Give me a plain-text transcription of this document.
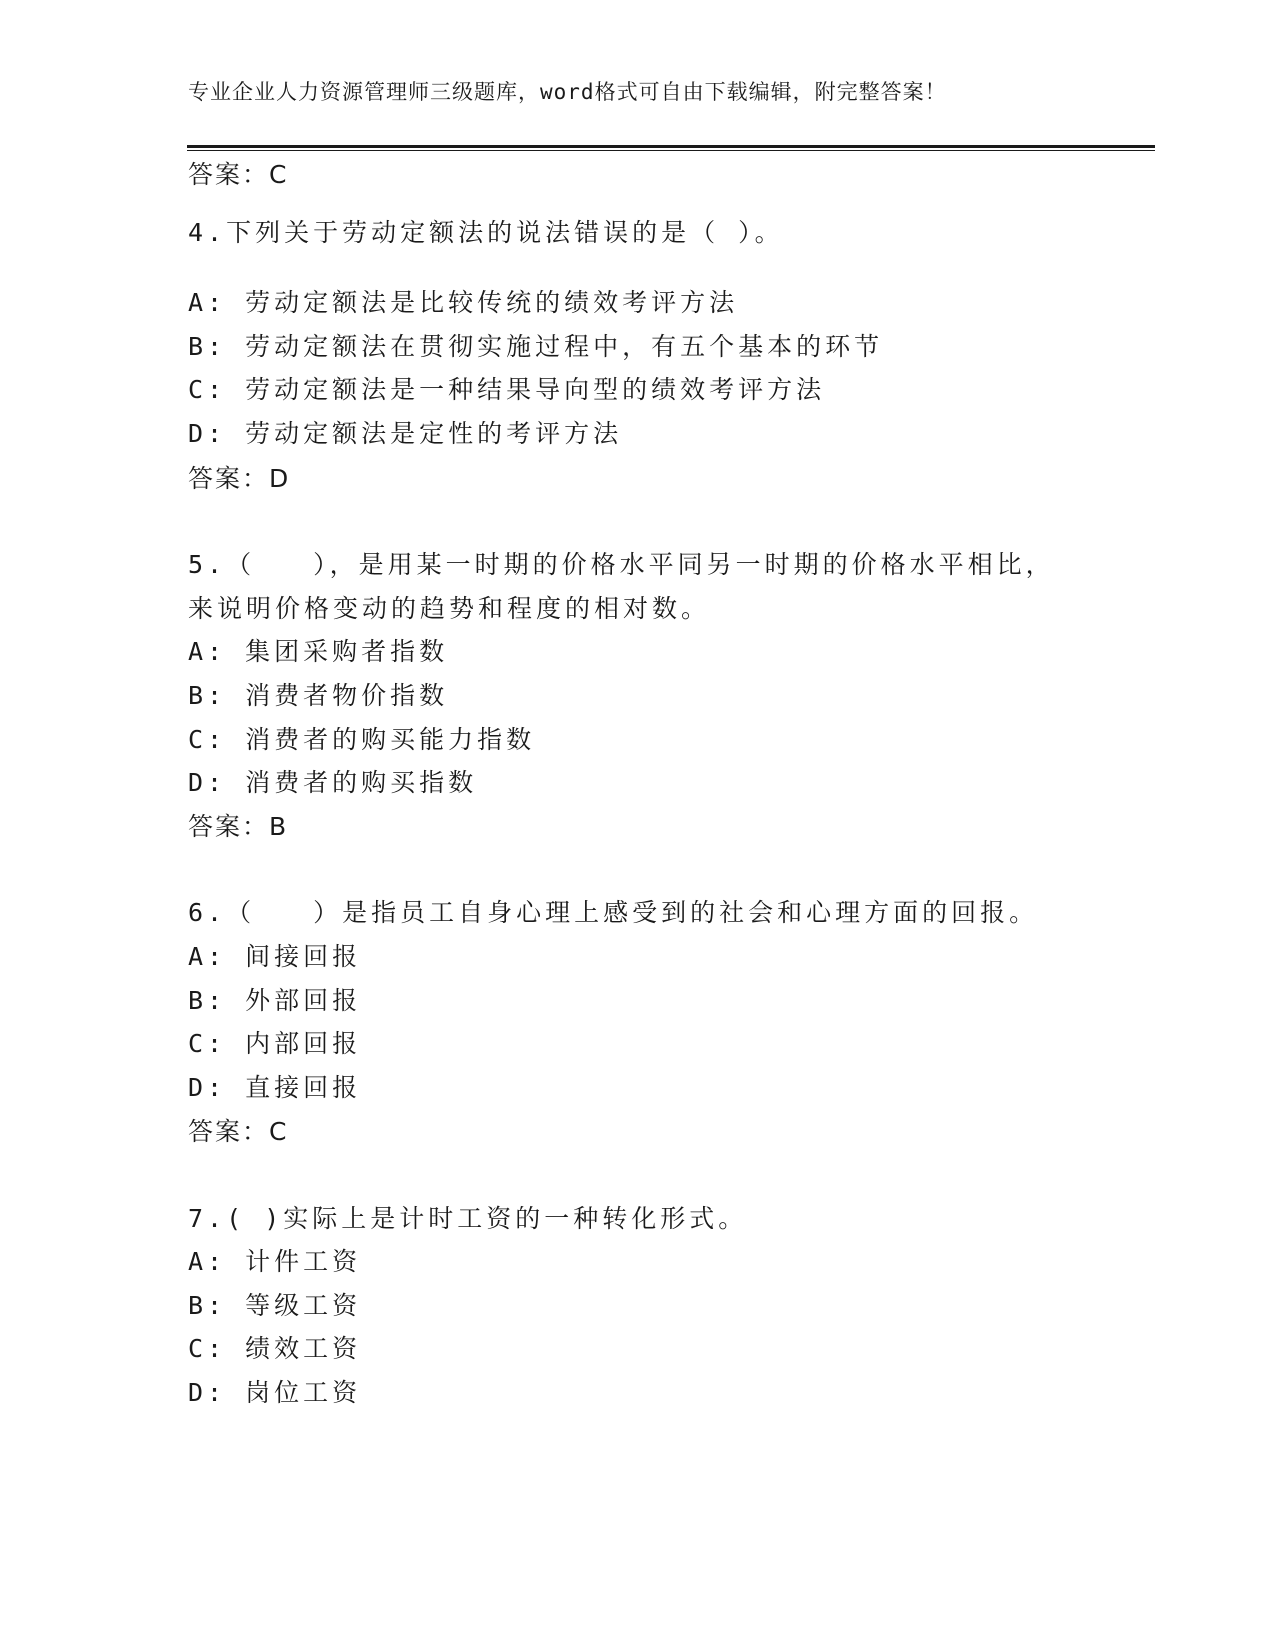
专业企业人力资源管理师三级题库，word格式可自由下载编辑，附完整答案！
答案：C
4.下列关于劳动定额法的说法错误的是（ ）。
A: 劳动定额法是比较传统的绩效考评方法
B: 劳动定额法在贯彻实施过程中，有五个基本的环节
C: 劳动定额法是一种结果导向型的绩效考评方法
D: 劳动定额法是定性的考评方法
答案：D
5.（　　），是用某一时期的价格水平同另一时期的价格水平相比，
来说明价格变动的趋势和程度的相对数。
A: 集团采购者指数
B: 消费者物价指数
C: 消费者的购买能力指数
D: 消费者的购买指数
答案：B
6.（　　）是指员工自身心理上感受到的社会和心理方面的回报。
A: 间接回报
B: 外部回报
C: 内部回报
D: 直接回报
答案：C
7.( )实际上是计时工资的一种转化形式。
A: 计件工资
B: 等级工资
C: 绩效工资
D: 岗位工资
